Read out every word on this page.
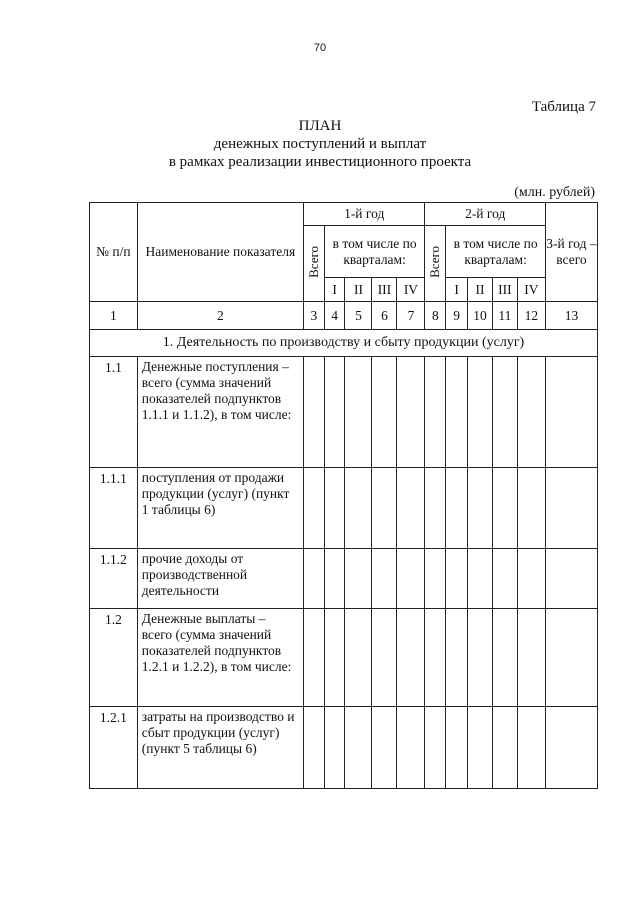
70
Таблица 7
ПЛАН
денежных поступлений и выплат
в рамках реализации инвестиционного проекта
(млн. рублей)
№ п/п	Наименование показателя	1-й год					2-й год					3-й год – всего
		Всего	в том числе по кварталам:				Всего	в том числе по кварталам:				
			I	II	III	IV		I	II	III	IV	
1	2	3	4	5	6	7	8	9	10	11	12	13
1. Деятельность по производству и сбыту продукции (услуг)												
1.1	Денежные поступления – всего (сумма значений показателей подпунктов 1.1.1 и 1.1.2), в том числе:											
1.1.1	поступления от продажи продукции (услуг) (пункт 1 таблицы 6)											
1.1.2	прочие доходы от производственной деятельности											
1.2	Денежные выплаты – всего (сумма значений показателей подпунктов 1.2.1 и 1.2.2), в том числе:											
1.2.1	затраты на производство и сбыт продукции (услуг) (пункт 5 таблицы 6)											
